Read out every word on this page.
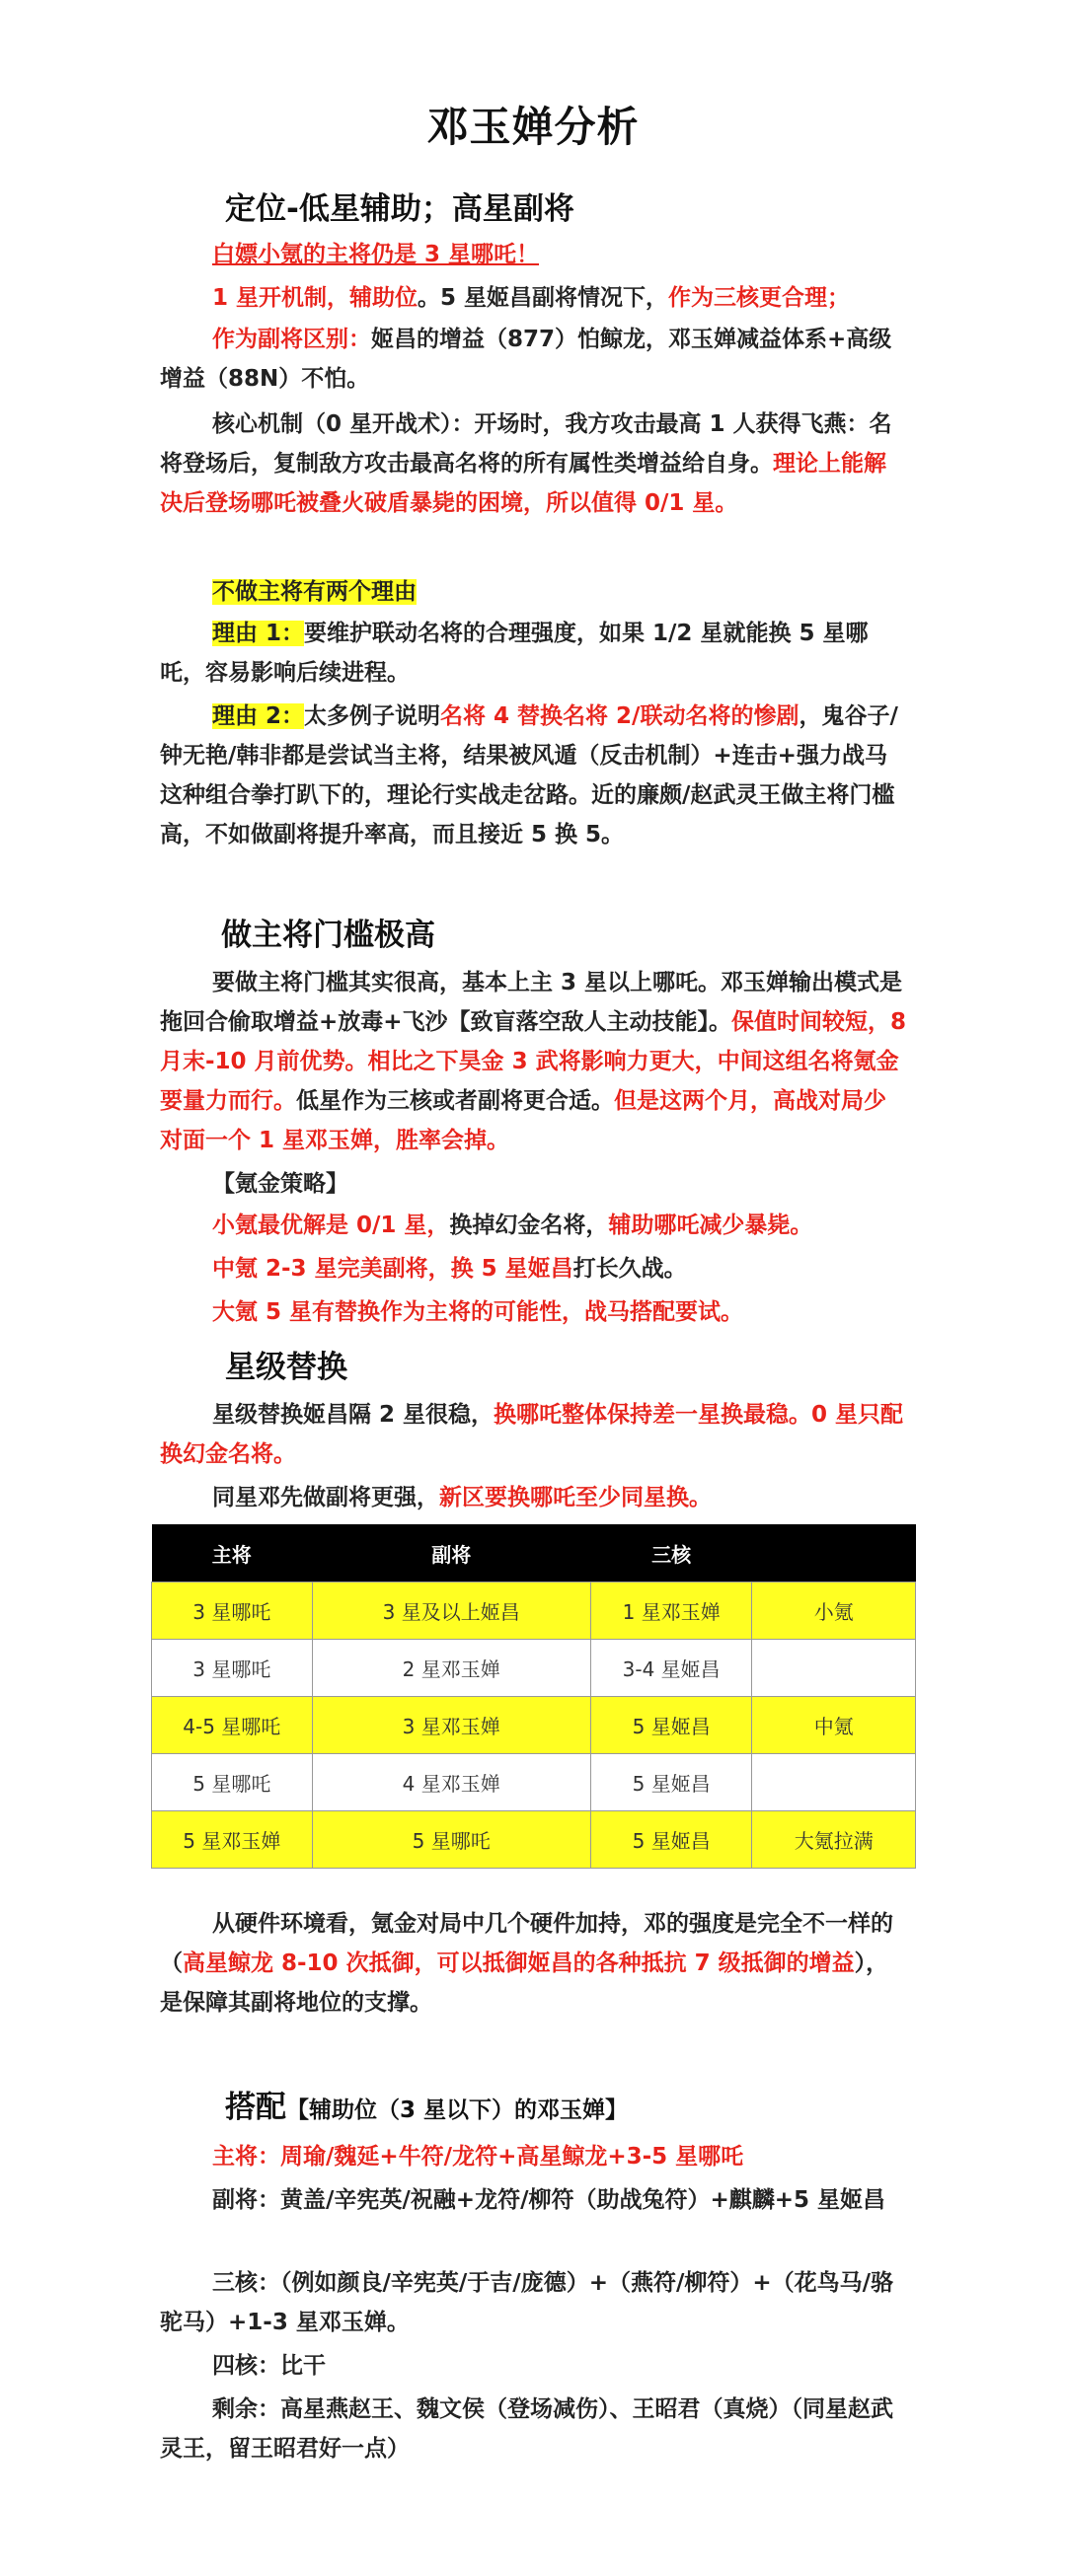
邓玉婵分析
定位-低星辅助；高星副将

白嫖小氪的主将仍是 3 星哪吒！

1 星开机制，辅助位。5 星姬昌副将情况下，作为三核更合理；

作为副将区别：姬昌的增益（877）怕鲸龙，邓玉婵减益体系+高级增益（88N）不怕。

核心机制（0 星开战术）：开场时，我方攻击最高 1 人获得飞燕：名将登场后，复制敌方攻击最高名将的所有属性类增益给自身。理论上能解决后登场哪吒被叠火破盾暴毙的困境，所以值得 0/1 星。

不做主将有两个理由

理由 1：要维护联动名将的合理强度，如果 1/2 星就能换 5 星哪吒，容易影响后续进程。

理由 2：太多例子说明名将 4 替换名将 2/联动名将的惨剧，鬼谷子/钟无艳/韩非都是尝试当主将，结果被风遁（反击机制）+连击+强力战马这种组合拳打趴下的，理论行实战走岔路。近的廉颇/赵武灵王做主将门槛高，不如做副将提升率高，而且接近 5 换 5。

做主将门槛极高

要做主将门槛其实很高，基本上主 3 星以上哪吒。邓玉婵输出模式是拖回合偷取增益+放毒+飞沙【致盲落空敌人主动技能】。保值时间较短，8 月末-10 月前优势。相比之下昊金 3 武将影响力更大，中间这组名将氪金要量力而行。低星作为三核或者副将更合适。但是这两个月，高战对局少对面一个 1 星邓玉婵，胜率会掉。

【氪金策略】

小氪最优解是 0/1 星，换掉幻金名将，辅助哪吒减少暴毙。

中氪 2-3 星完美副将，换 5 星姬昌打长久战。

大氪 5 星有替换作为主将的可能性，战马搭配要试。

星级替换

星级替换姬昌隔 2 星很稳，换哪吒整体保持差一星换最稳。0 星只配换幻金名将。

同星邓先做副将更强，新区要换哪吒至少同星换。

主将	副将	三核	
3 星哪吒	3 星及以上姬昌	1 星邓玉婵	小氪
3 星哪吒	2 星邓玉婵	3-4 星姬昌	
4-5 星哪吒	3 星邓玉婵	5 星姬昌	中氪
5 星哪吒	4 星邓玉婵	5 星姬昌	
5 星邓玉婵	5 星哪吒	5 星姬昌	大氪拉满

从硬件环境看，氪金对局中几个硬件加持，邓的强度是完全不一样的（高星鲸龙 8-10 次抵御，可以抵御姬昌的各种抵抗 7 级抵御的增益），是保障其副将地位的支撑。

搭配【辅助位（3 星以下）的邓玉婵】

主将：周瑜/魏延+牛符/龙符+高星鲸龙+3-5 星哪吒

副将：黄盖/辛宪英/祝融+龙符/柳符（助战兔符）+麒麟+5 星姬昌

三核：（例如颜良/辛宪英/于吉/庞德）+（燕符/柳符）+（花鸟马/骆驼马）+1-3 星邓玉婵。

四核：比干

剩余：高星燕赵王、魏文侯（登场减伤）、王昭君（真烧）（同星赵武灵王，留王昭君好一点）
